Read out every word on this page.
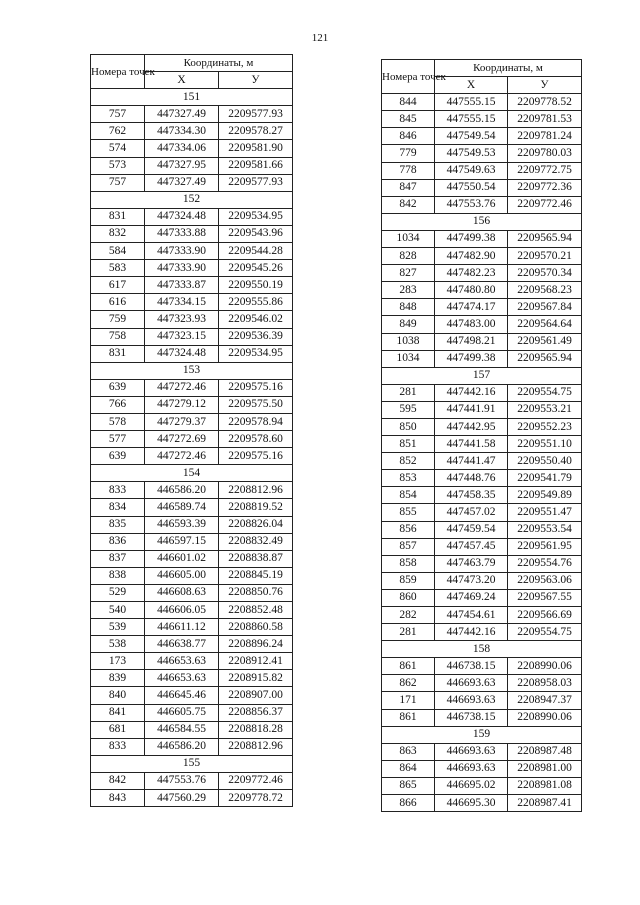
121
Номера точек	Координаты, м	
	X	У
151		
757	447327.49	2209577.93
762	447334.30	2209578.27
574	447334.06	2209581.90
573	447327.95	2209581.66
757	447327.49	2209577.93
152		
831	447324.48	2209534.95
832	447333.88	2209543.96
584	447333.90	2209544.28
583	447333.90	2209545.26
617	447333.87	2209550.19
616	447334.15	2209555.86
759	447323.93	2209546.02
758	447323.15	2209536.39
831	447324.48	2209534.95
153		
639	447272.46	2209575.16
766	447279.12	2209575.50
578	447279.37	2209578.94
577	447272.69	2209578.60
639	447272.46	2209575.16
154		
833	446586.20	2208812.96
834	446589.74	2208819.52
835	446593.39	2208826.04
836	446597.15	2208832.49
837	446601.02	2208838.87
838	446605.00	2208845.19
529	446608.63	2208850.76
540	446606.05	2208852.48
539	446611.12	2208860.58
538	446638.77	2208896.24
173	446653.63	2208912.41
839	446653.63	2208915.82
840	446645.46	2208907.00
841	446605.75	2208856.37
681	446584.55	2208818.28
833	446586.20	2208812.96
155		
842	447553.76	2209772.46
843	447560.29	2209778.72
Номера точек	Координаты, м	
	X	У
844	447555.15	2209778.52
845	447555.15	2209781.53
846	447549.54	2209781.24
779	447549.53	2209780.03
778	447549.63	2209772.75
847	447550.54	2209772.36
842	447553.76	2209772.46
156		
1034	447499.38	2209565.94
828	447482.90	2209570.21
827	447482.23	2209570.34
283	447480.80	2209568.23
848	447474.17	2209567.84
849	447483.00	2209564.64
1038	447498.21	2209561.49
1034	447499.38	2209565.94
157		
281	447442.16	2209554.75
595	447441.91	2209553.21
850	447442.95	2209552.23
851	447441.58	2209551.10
852	447441.47	2209550.40
853	447448.76	2209541.79
854	447458.35	2209549.89
855	447457.02	2209551.47
856	447459.54	2209553.54
857	447457.45	2209561.95
858	447463.79	2209554.76
859	447473.20	2209563.06
860	447469.24	2209567.55
282	447454.61	2209566.69
281	447442.16	2209554.75
158		
861	446738.15	2208990.06
862	446693.63	2208958.03
171	446693.63	2208947.37
861	446738.15	2208990.06
159		
863	446693.63	2208987.48
864	446693.63	2208981.00
865	446695.02	2208981.08
866	446695.30	2208987.41
